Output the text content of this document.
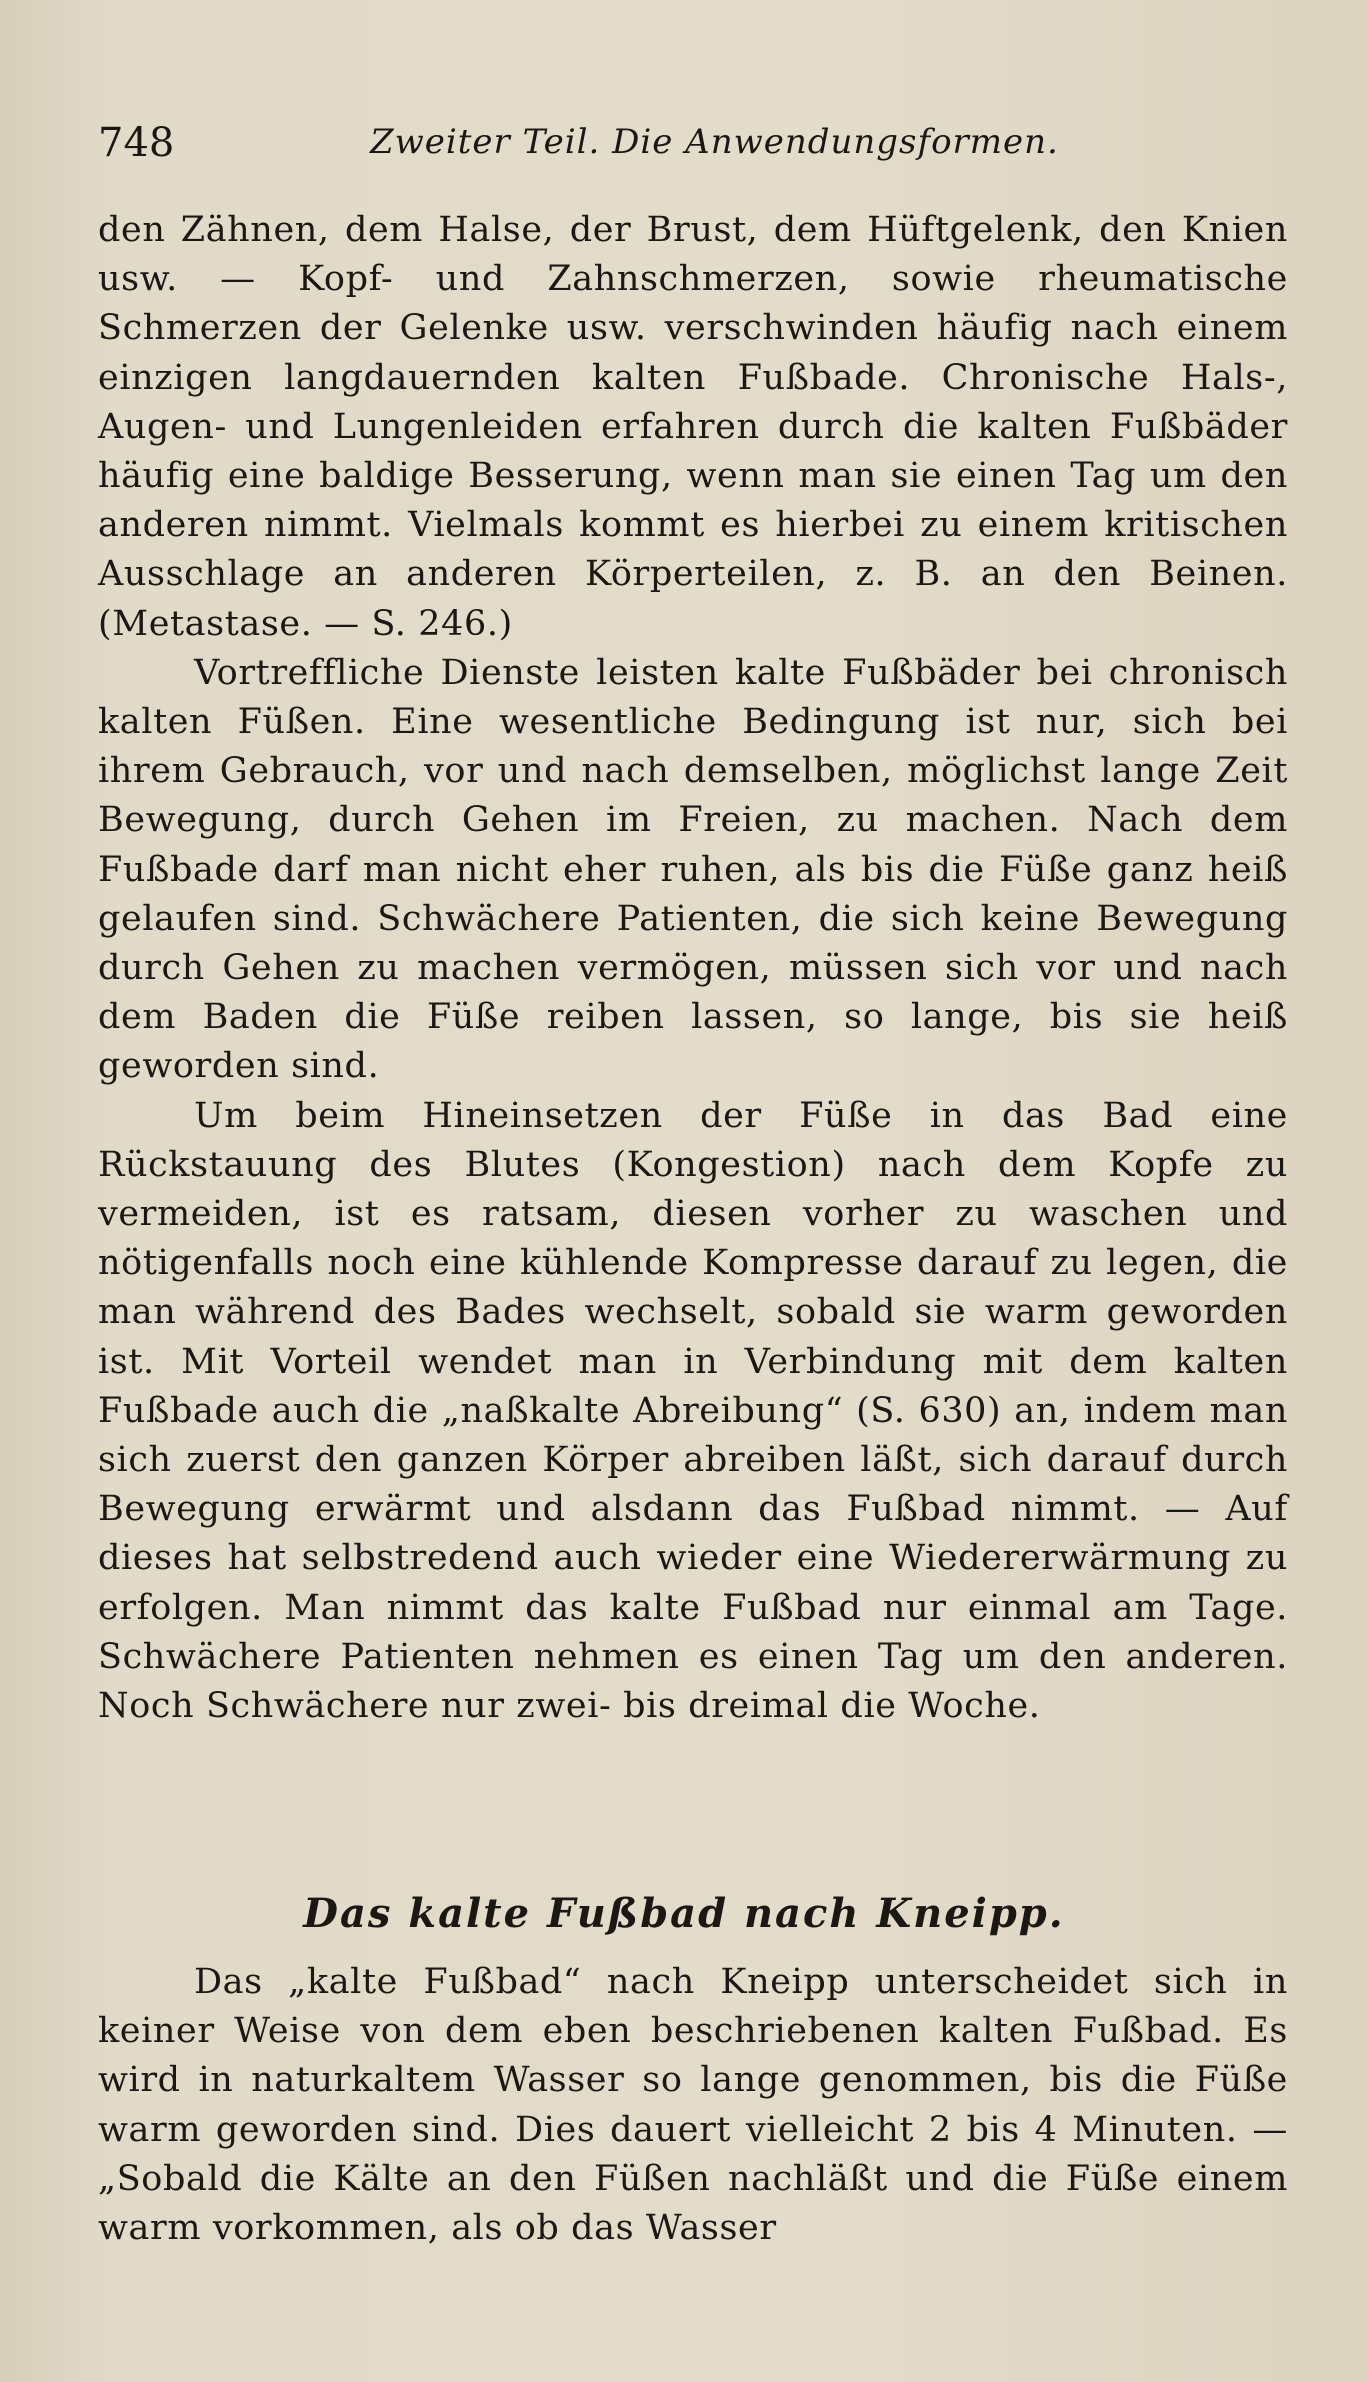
748	Zweiter Teil. Die Anwendungsformen.

den Zähnen, dem Halse, der Brust, dem Hüftgelenk, den Knien usw. — Kopf- und Zahnschmerzen, sowie rheumatische Schmerzen der Gelenke usw. verschwinden häufig nach einem einzigen langdauernden kalten Fußbade. Chronische Hals-, Augen- und Lungenleiden erfahren durch die kalten Fußbäder häufig eine baldige Besserung, wenn man sie einen Tag um den anderen nimmt. Vielmals kommt es hierbei zu einem kritischen Ausschlage an anderen Körperteilen, z. B. an den Beinen. (Metastase. — S. 246.)

Vortreffliche Dienste leisten kalte Fußbäder bei chronisch kalten Füßen. Eine wesentliche Bedingung ist nur, sich bei ihrem Gebrauch, vor und nach demselben, möglichst lange Zeit Bewegung, durch Gehen im Freien, zu machen. Nach dem Fußbade darf man nicht eher ruhen, als bis die Füße ganz heiß gelaufen sind. Schwächere Patienten, die sich keine Bewegung durch Gehen zu machen vermögen, müssen sich vor und nach dem Baden die Füße reiben lassen, so lange, bis sie heiß geworden sind.

Um beim Hineinsetzen der Füße in das Bad eine Rückstauung des Blutes (Kongestion) nach dem Kopfe zu vermeiden, ist es ratsam, diesen vorher zu waschen und nötigenfalls noch eine kühlende Kompresse darauf zu legen, die man während des Bades wechselt, sobald sie warm geworden ist. Mit Vorteil wendet man in Verbindung mit dem kalten Fußbade auch die „naßkalte Abreibung“ (S. 630) an, indem man sich zuerst den ganzen Körper abreiben läßt, sich darauf durch Bewegung erwärmt und alsdann das Fußbad nimmt. — Auf dieses hat selbstredend auch wieder eine Wiedererwärmung zu erfolgen. Man nimmt das kalte Fußbad nur einmal am Tage. Schwächere Patienten nehmen es einen Tag um den anderen. Noch Schwächere nur zwei- bis dreimal die Woche.

Das kalte Fußbad nach Kneipp.

Das „kalte Fußbad“ nach Kneipp unterscheidet sich in keiner Weise von dem eben beschriebenen kalten Fußbad. Es wird in naturkaltem Wasser so lange genommen, bis die Füße warm geworden sind. Dies dauert vielleicht 2 bis 4 Minuten. — „Sobald die Kälte an den Füßen nachläßt und die Füße einem warm vorkommen, als ob das Wasser
